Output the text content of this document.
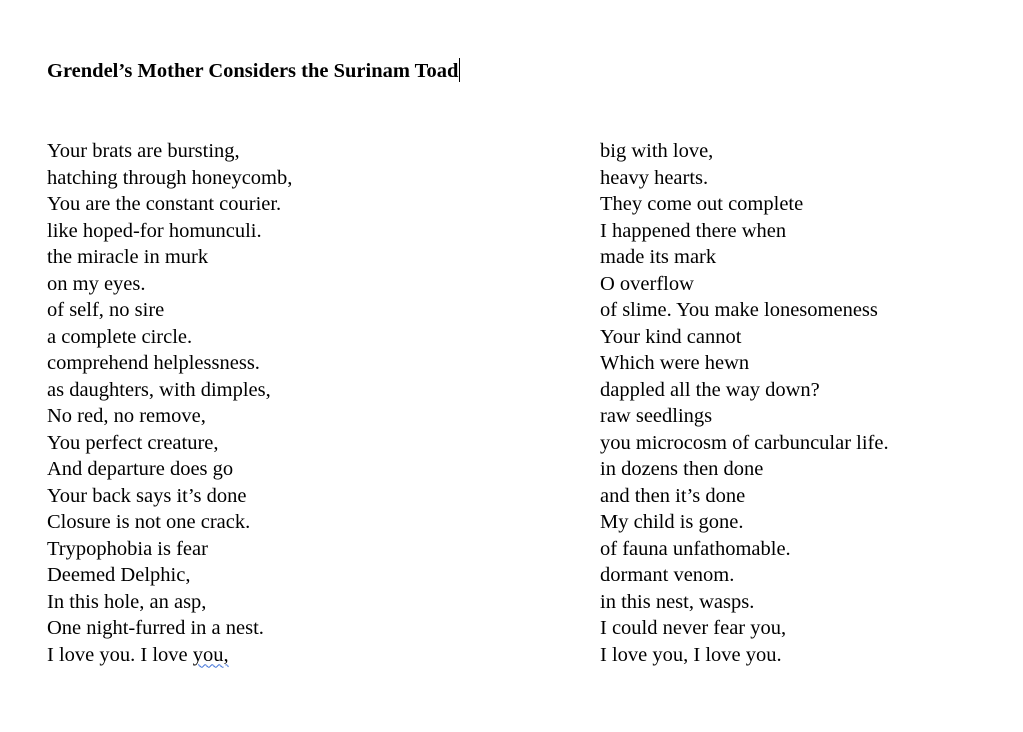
Grendel’s Mother Considers the Surinam Toad
Your brats are bursting,
hatching through honeycomb,
You are the constant courier.
like hoped-for homunculi.
the miracle in murk
on my eyes.
of self, no sire
a complete circle.
comprehend helplessness.
as daughters, with dimples,
No red, no remove,
You perfect creature,
And departure does go
Your back says it’s done
Closure is not one crack.
Trypophobia is fear
Deemed Delphic,
In this hole, an asp,
One night-furred in a nest.
I love you. I love you,
big with love,
heavy hearts.
They come out complete
I happened there when
made its mark
O overflow
of slime. You make lonesomeness
Your kind cannot
Which were hewn
dappled all the way down?
raw seedlings
you microcosm of carbuncular life.
in dozens then done
and then it’s done
My child is gone.
of fauna unfathomable.
dormant venom.
in this nest, wasps.
I could never fear you,
I love you, I love you.
